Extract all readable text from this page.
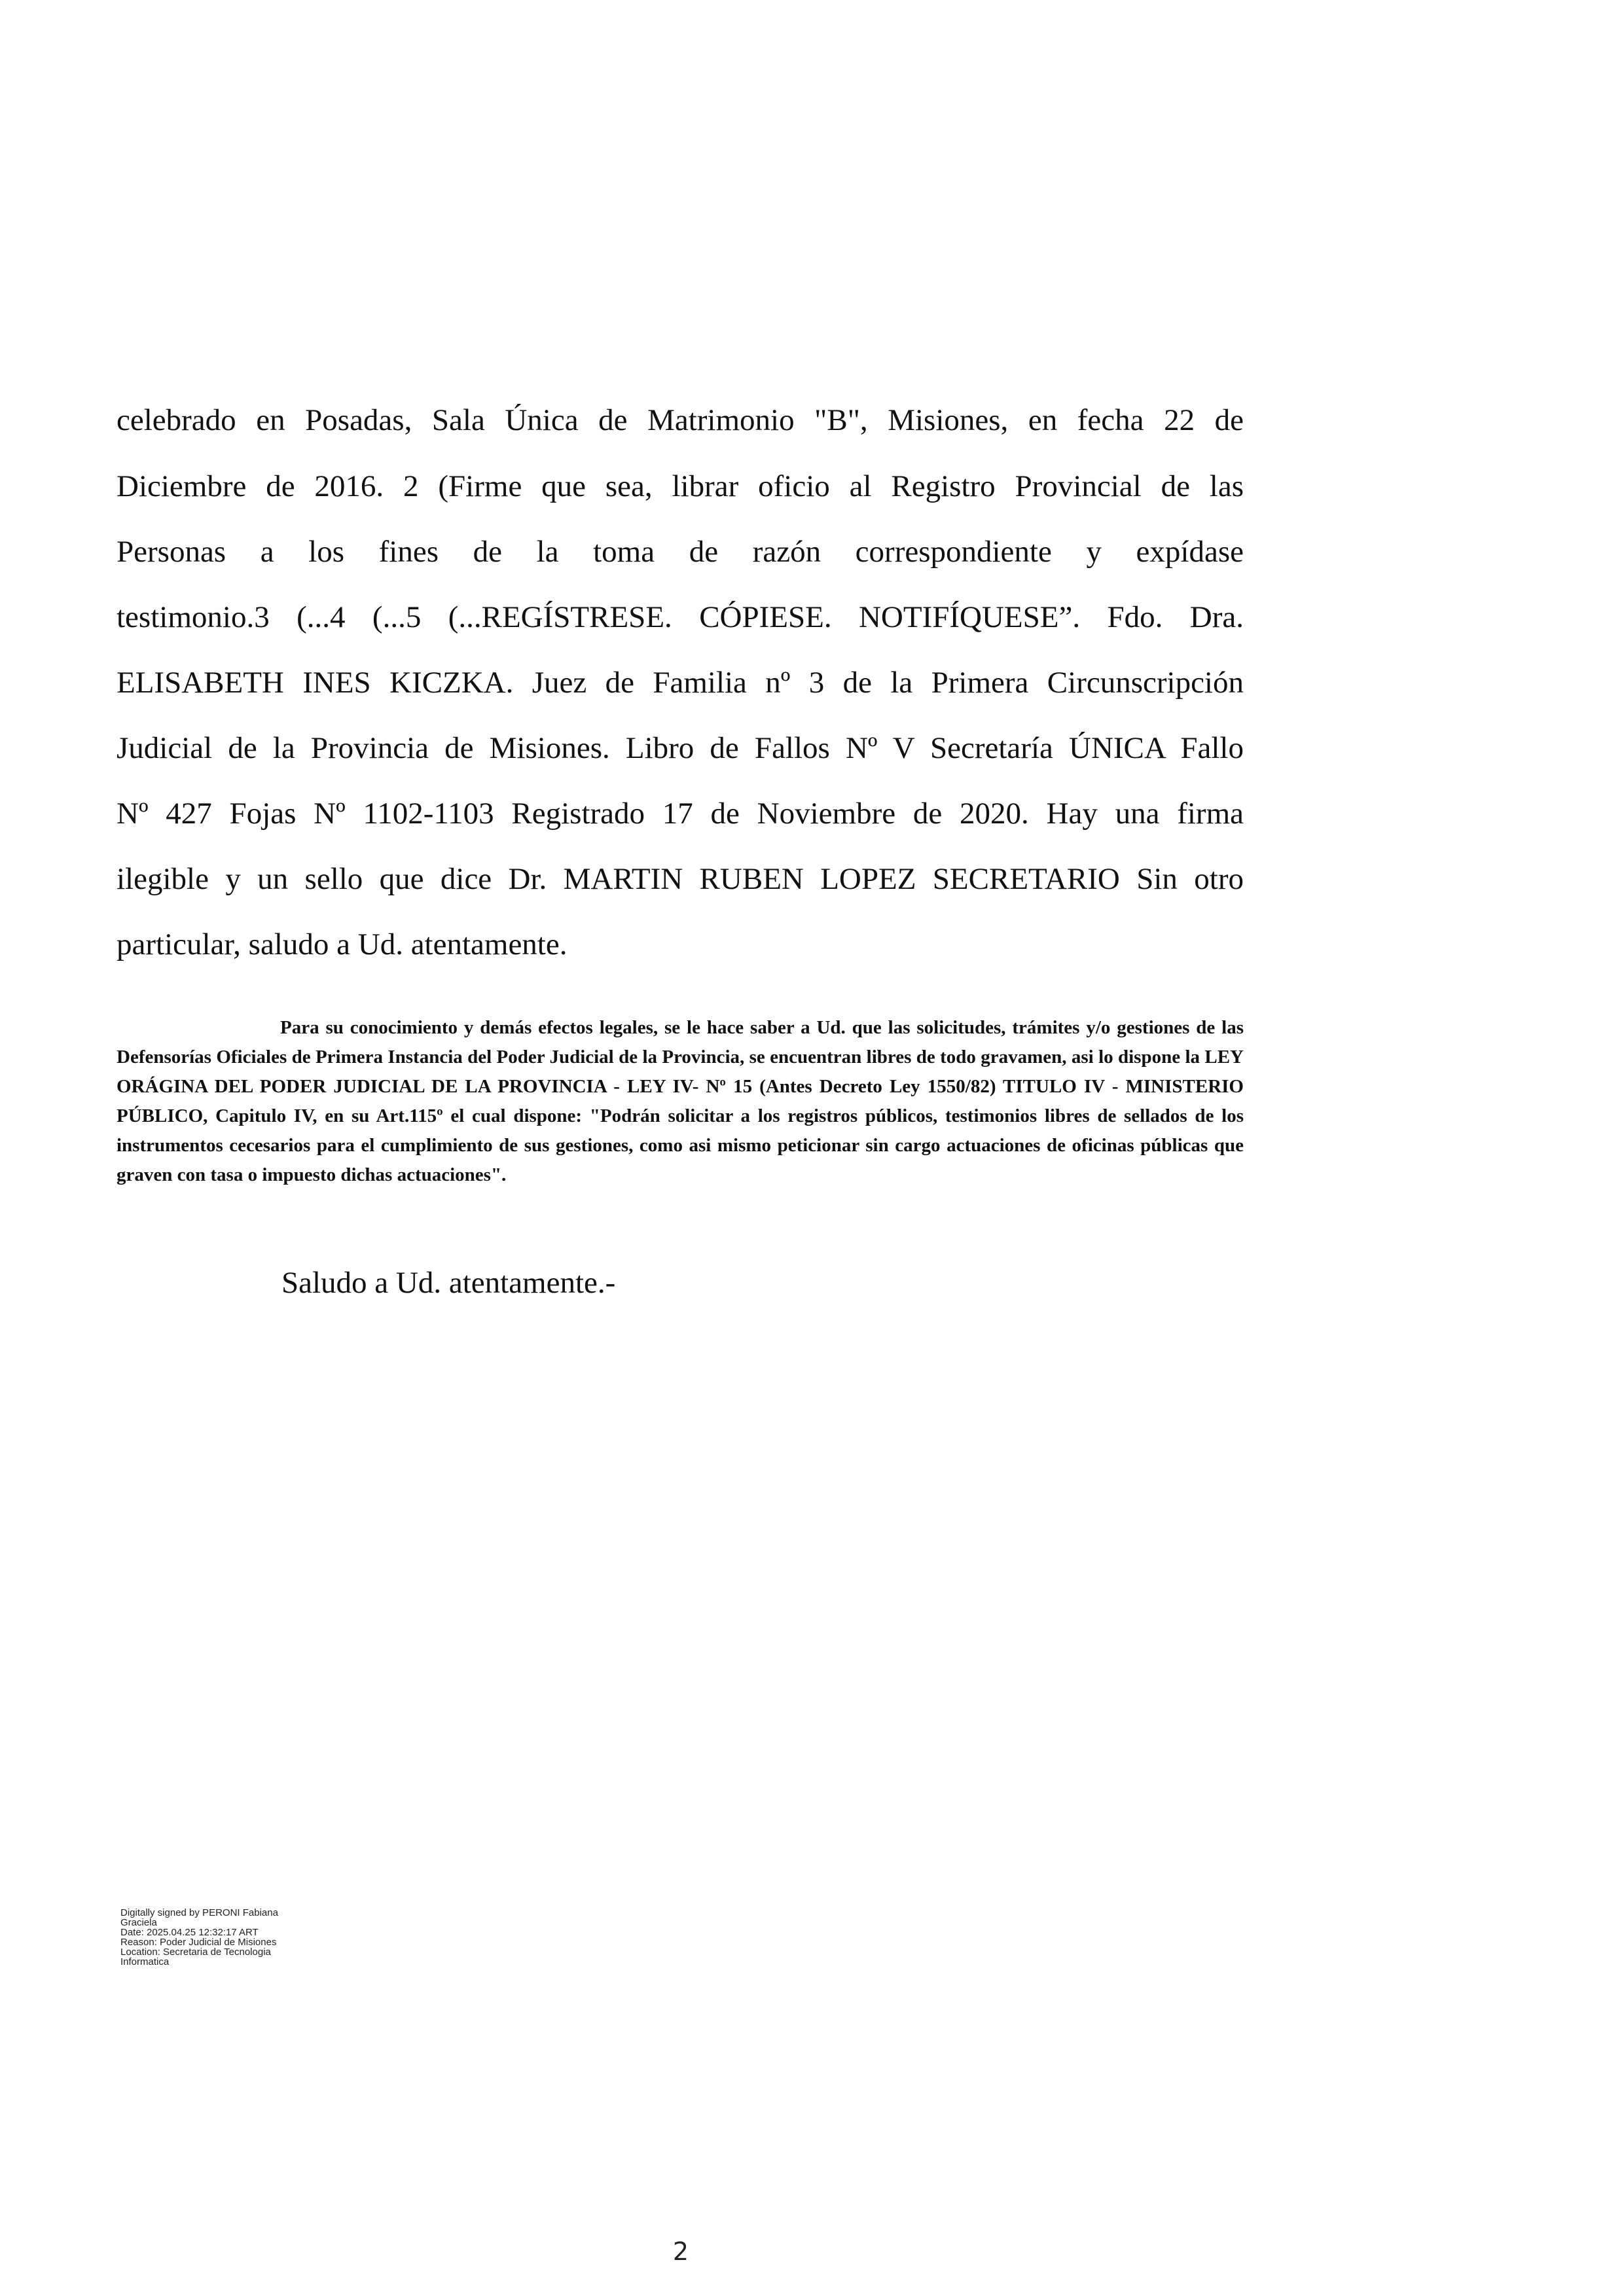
celebrado en Posadas, Sala Única de Matrimonio "B", Misiones, en fecha 22 de
Diciembre de 2016. 2 (Firme que sea, librar oficio al Registro Provincial de las
Personas a los fines de la toma de razón correspondiente y expídase
testimonio.3 (...4 (...5 (...REGÍSTRESE. CÓPIESE. NOTIFÍQUESE”. Fdo. Dra.
ELISABETH INES KICZKA. Juez de Familia nº 3 de la Primera Circunscripción
Judicial de la Provincia de Misiones. Libro de Fallos Nº V Secretaría ÚNICA Fallo
Nº 427 Fojas Nº 1102-1103 Registrado 17 de Noviembre de 2020. Hay una firma
ilegible y un sello que dice Dr. MARTIN RUBEN LOPEZ SECRETARIO Sin otro
particular, saludo a Ud. atentamente.

Para su conocimiento y demás efectos legales, se le hace saber a Ud. que las solicitudes, trámites y/o gestiones de las Defensorías Oficiales de Primera Instancia del Poder Judicial de la Provincia, se encuentran libres de todo gravamen, asi lo dispone la LEY ORÁGINA DEL PODER JUDICIAL DE LA PROVINCIA - LEY IV- Nº 15 (Antes Decreto Ley 1550/82) TITULO IV - MINISTERIO PÚBLICO, Capitulo IV, en su Art.115º el cual dispone: "Podrán solicitar a los registros públicos, testimonios libres de sellados de los instrumentos cecesarios para el cumplimiento de sus gestiones, como asi mismo peticionar sin cargo actuaciones de oficinas públicas que graven con tasa o impuesto dichas actuaciones".

Saludo a Ud. atentamente.-

Digitally signed by PERONI Fabiana
Graciela
Date: 2025.04.25 12:32:17 ART
Reason: Poder Judicial de Misiones
Location: Secretaria de Tecnologia
Informatica
2
